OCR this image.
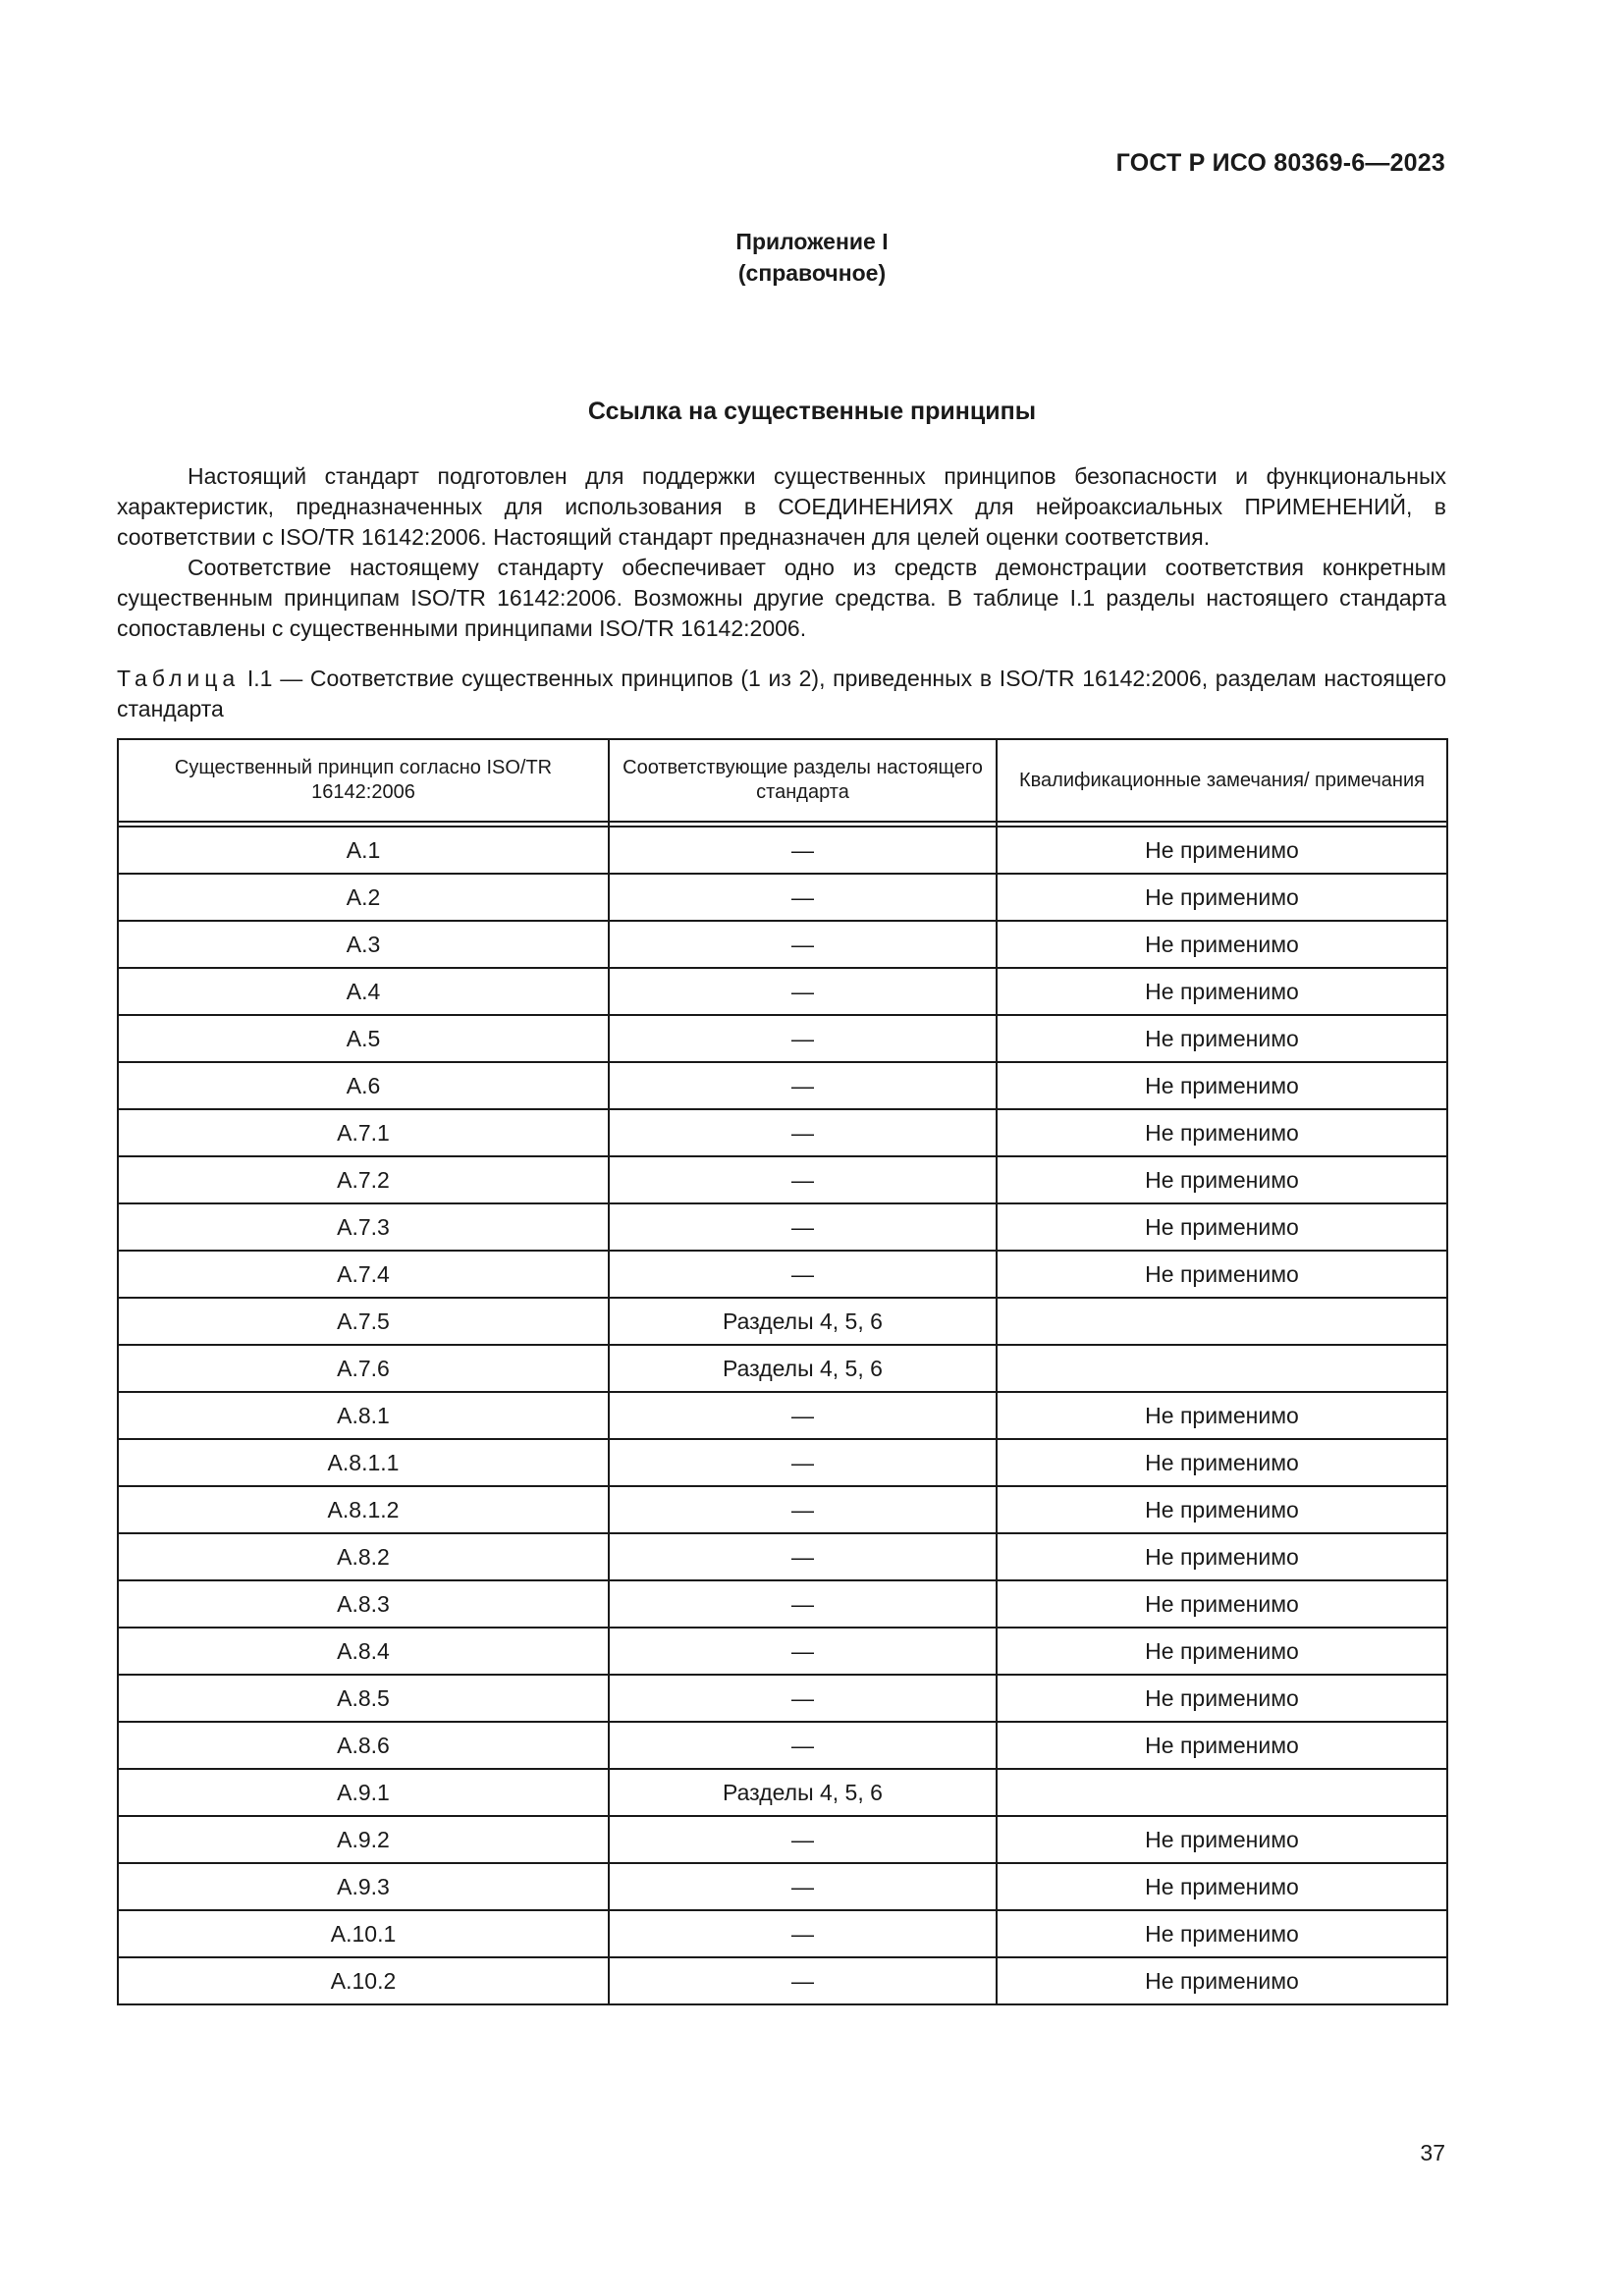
ГОСТ Р ИСО 80369-6—2023
Приложение I
(справочное)
Ссылка на существенные принципы

Настоящий стандарт подготовлен для поддержки существенных принципов безопасности и функциональных характеристик, предназначенных для использования в СОЕДИНЕНИЯХ для нейроаксиальных ПРИМЕНЕНИЙ, в соответствии с ISO/TR 16142:2006. Настоящий стандарт предназначен для целей оценки соответствия.

Соответствие настоящему стандарту обеспечивает одно из средств демонстрации соответствия конкретным существенным принципам ISO/TR 16142:2006. Возможны другие средства. В таблице I.1 разделы настоящего стандарта сопоставлены с существенными принципами ISO/TR 16142:2006.

Таблица I.1 — Соответствие существенных принципов (1 из 2), приведенных в ISO/TR 16142:2006, разделам настоящего стандарта
Существенный принцип согласно ISO/TR 16142:2006	Соответствующие разделы настоящего стандарта	Квалификационные замечания/ примечания

A.1	—	Не применимо
A.2	—	Не применимо
A.3	—	Не применимо
A.4	—	Не применимо
A.5	—	Не применимо
A.6	—	Не применимо
A.7.1	—	Не применимо
A.7.2	—	Не применимо
A.7.3	—	Не применимо
A.7.4	—	Не применимо
A.7.5	Разделы 4, 5, 6	
A.7.6	Разделы 4, 5, 6	
A.8.1	—	Не применимо
A.8.1.1	—	Не применимо
A.8.1.2	—	Не применимо
A.8.2	—	Не применимо
A.8.3	—	Не применимо
A.8.4	—	Не применимо
A.8.5	—	Не применимо
A.8.6	—	Не применимо
A.9.1	Разделы 4, 5, 6	
A.9.2	—	Не применимо
A.9.3	—	Не применимо
A.10.1	—	Не применимо
A.10.2	—	Не применимо
37
